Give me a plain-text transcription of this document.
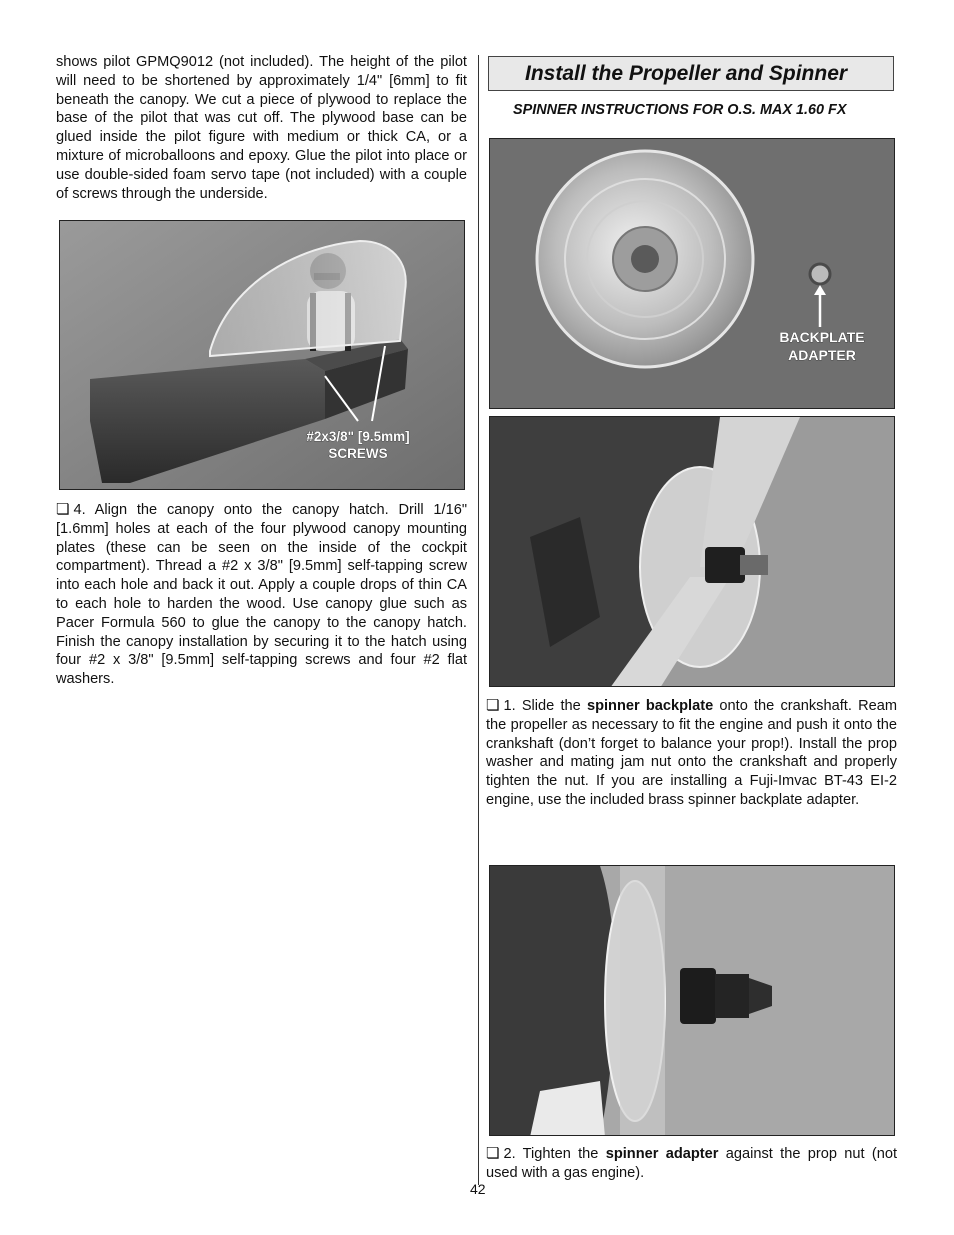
shows pilot GPMQ9012 (not included). The height of the pilot will need to be shortened by approximately 1/4" [6mm] to fit beneath the canopy. We cut a piece of plywood to replace the base of the pilot that was cut off. The plywood base can be glued inside the pilot figure with medium or thick CA, or a mixture of microballoons and epoxy. Glue the pilot into place or use double-sided foam servo tape (not included) with a couple of screws through the underside.

#2x3/8" [9.5mm]
SCREWS

❏ 4. Align the canopy onto the canopy hatch. Drill 1/16" [1.6mm] holes at each of the four plywood canopy mounting plates (these can be seen on the inside of the cockpit compartment). Thread a #2 x 3/8" [9.5mm] self-tapping screw into each hole and back it out. Apply a couple drops of thin CA to each hole to harden the wood. Use canopy glue such as Pacer Formula 560 to glue the canopy to the canopy hatch. Finish the canopy installation by securing it to the hatch using four #2 x 3/8" [9.5mm] self-tapping screws and four #2 flat washers.

Install the Propeller and Spinner
SPINNER INSTRUCTIONS FOR O.S. MAX 1.60 FX
BACKPLATE
ADAPTER

❏ 1. Slide the spinner backplate onto the crankshaft. Ream the propeller as necessary to fit the engine and push it onto the crankshaft (don’t forget to balance your prop!). Install the prop washer and mating jam nut onto the crankshaft and properly tighten the nut. If you are installing a Fuji-Imvac BT-43 EI-2 engine, use the included brass spinner backplate adapter.

❏ 2. Tighten the spinner adapter against the prop nut (not used with a gas engine).

42
